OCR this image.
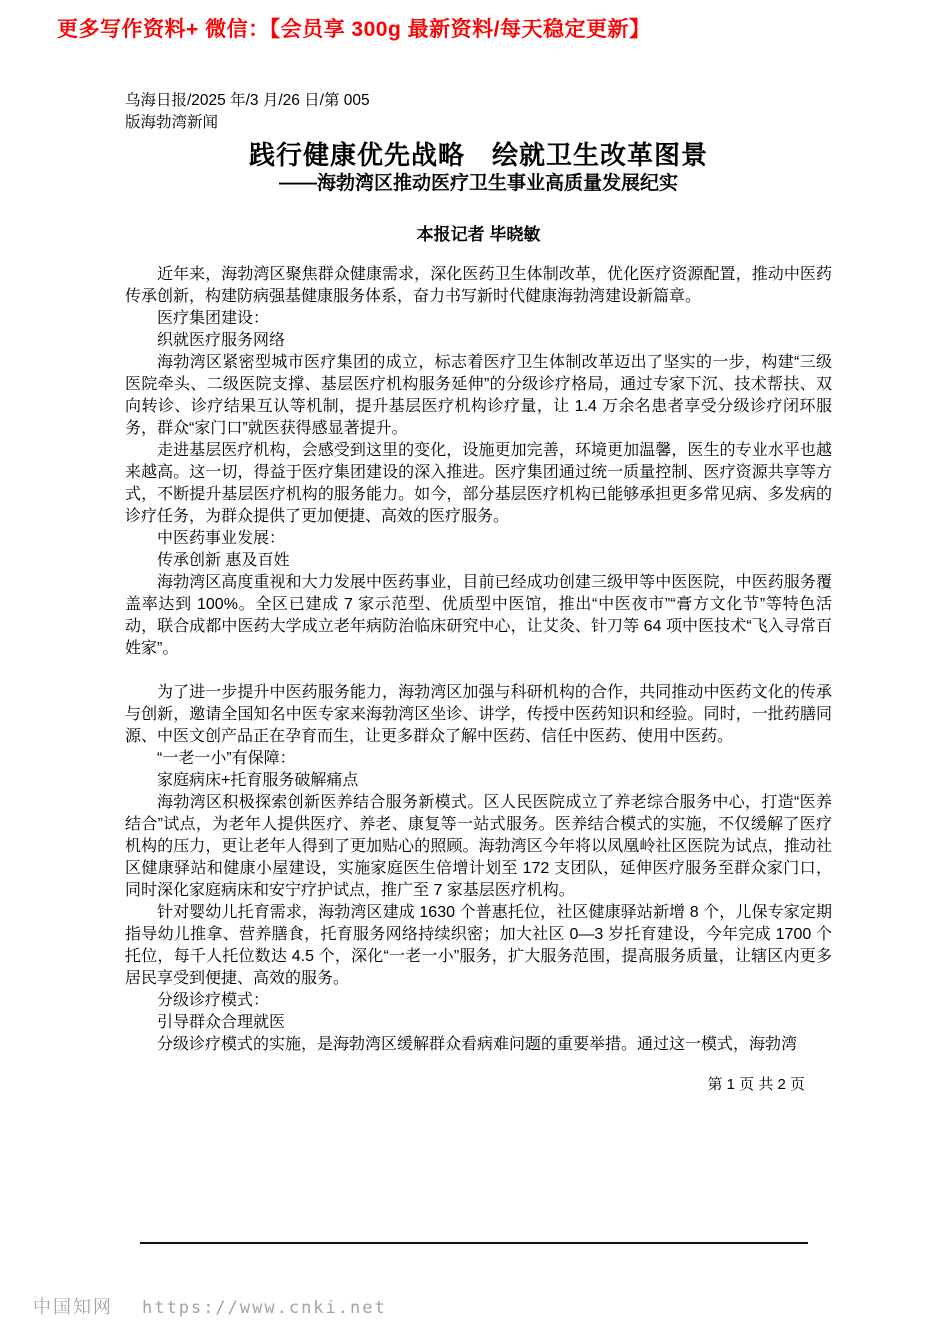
更多写作资料+ 微信：【会员享 300g 最新资料/每天稳定更新】
乌海日报/2025 年/3 月/26 日/第 005
版海勃湾新闻
践行健康优先战略　绘就卫生改革图景
——海勃湾区推动医疗卫生事业高质量发展纪实
本报记者 毕晓敏

近年来，海勃湾区聚焦群众健康需求，深化医药卫生体制改革，优化医疗资源配置，推动中医药传承创新，构建防病强基健康服务体系，奋力书写新时代健康海勃湾建设新篇章。

医疗集团建设：

织就医疗服务网络

海勃湾区紧密型城市医疗集团的成立，标志着医疗卫生体制改革迈出了坚实的一步，构建“三级医院牵头、二级医院支撑、基层医疗机构服务延伸”的分级诊疗格局，通过专家下沉、技术帮扶、双向转诊、诊疗结果互认等机制，提升基层医疗机构诊疗量，让 1.4 万余名患者享受分级诊疗闭环服务，群众“家门口”就医获得感显著提升。

走进基层医疗机构，会感受到这里的变化，设施更加完善，环境更加温馨，医生的专业水平也越来越高。这一切，得益于医疗集团建设的深入推进。医疗集团通过统一质量控制、医疗资源共享等方式，不断提升基层医疗机构的服务能力。如今，部分基层医疗机构已能够承担更多常见病、多发病的诊疗任务，为群众提供了更加便捷、高效的医疗服务。

中医药事业发展：

传承创新 惠及百姓

海勃湾区高度重视和大力发展中医药事业，目前已经成功创建三级甲等中医医院，中医药服务覆盖率达到 100%。全区已建成 7 家示范型、优质型中医馆，推出“中医夜市”“膏方文化节”等特色活动，联合成都中医药大学成立老年病防治临床研究中心，让艾灸、针刀等 64 项中医技术“飞入寻常百姓家”。

为了进一步提升中医药服务能力，海勃湾区加强与科研机构的合作，共同推动中医药文化的传承与创新，邀请全国知名中医专家来海勃湾区坐诊、讲学，传授中医药知识和经验。同时，一批药膳同源、中医文创产品正在孕育而生，让更多群众了解中医药、信任中医药、使用中医药。

“一老一小”有保障：

家庭病床+托育服务破解痛点

海勃湾区积极探索创新医养结合服务新模式。区人民医院成立了养老综合服务中心，打造“医养结合”试点，为老年人提供医疗、养老、康复等一站式服务。医养结合模式的实施，不仅缓解了医疗机构的压力，更让老年人得到了更加贴心的照顾。海勃湾区今年将以凤凰岭社区医院为试点，推动社区健康驿站和健康小屋建设，实施家庭医生倍增计划至 172 支团队，延伸医疗服务至群众家门口，同时深化家庭病床和安宁疗护试点，推广至 7 家基层医疗机构。

针对婴幼儿托育需求，海勃湾区建成 1630 个普惠托位，社区健康驿站新增 8 个，儿保专家定期指导幼儿推拿、营养膳食，托育服务网络持续织密；加大社区 0—3 岁托育建设，今年完成 1700 个托位，每千人托位数达 4.5 个，深化“一老一小”服务，扩大服务范围，提高服务质量，让辖区内更多居民享受到便捷、高效的服务。

分级诊疗模式：

引导群众合理就医

分级诊疗模式的实施，是海勃湾区缓解群众看病难问题的重要举措。通过这一模式，海勃湾

第 1 页 共 2 页
中国知网 https://www.cnki.net
